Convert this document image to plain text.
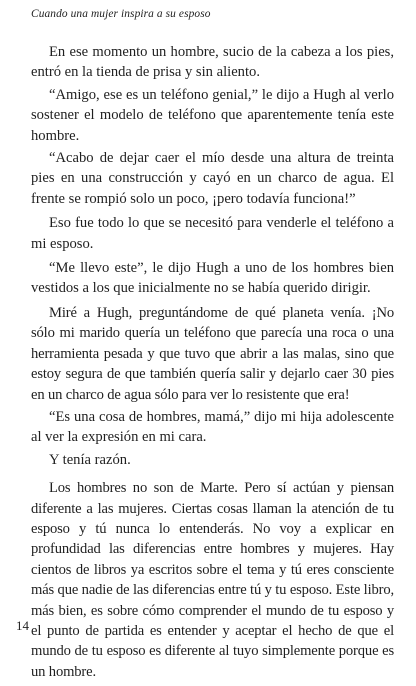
Cuando una mujer inspira a su esposo

En ese momento un hombre, sucio de la cabeza a los pies, entró en la tienda de prisa y sin aliento.

“Amigo, ese es un teléfono genial,” le dijo a Hugh al verlo sostener el modelo de teléfono que aparentemente tenía este hombre.

“Acabo de dejar caer el mío desde una altura de treinta pies en una construcción y cayó en un charco de agua. El frente se rompió solo un poco, ¡pero todavía funciona!”

Eso fue todo lo que se necesitó para venderle el teléfono a mi esposo.

“Me llevo este”, le dijo Hugh a uno de los hombres bien vestidos a los que inicialmente no se había querido dirigir.

Miré a Hugh, preguntándome de qué planeta venía. ¡No sólo mi marido quería un teléfono que parecía una roca o una herramienta pesada y que tuvo que abrir a las malas, sino que estoy segura de que también quería salir y dejarlo caer 30 pies en un charco de agua sólo para ver lo resistente que era!

“Es una cosa de hombres, mamá,” dijo mi hija adolescente al ver la expresión en mi cara.

Y tenía razón.

Los hombres no son de Marte. Pero sí actúan y piensan diferente a las mujeres. Ciertas cosas llaman la atención de tu esposo y tú nunca lo entenderás. No voy a explicar en profundidad las diferencias entre hombres y mujeres. Hay cientos de libros ya escritos sobre el tema y tú eres consciente más que nadie de las diferencias entre tú y tu esposo. Este libro, más bien, es sobre cómo comprender el mundo de tu esposo y el punto de partida es entender y aceptar el hecho de que el mundo de tu esposo es diferente al tuyo simplemente porque es un hombre.

14
